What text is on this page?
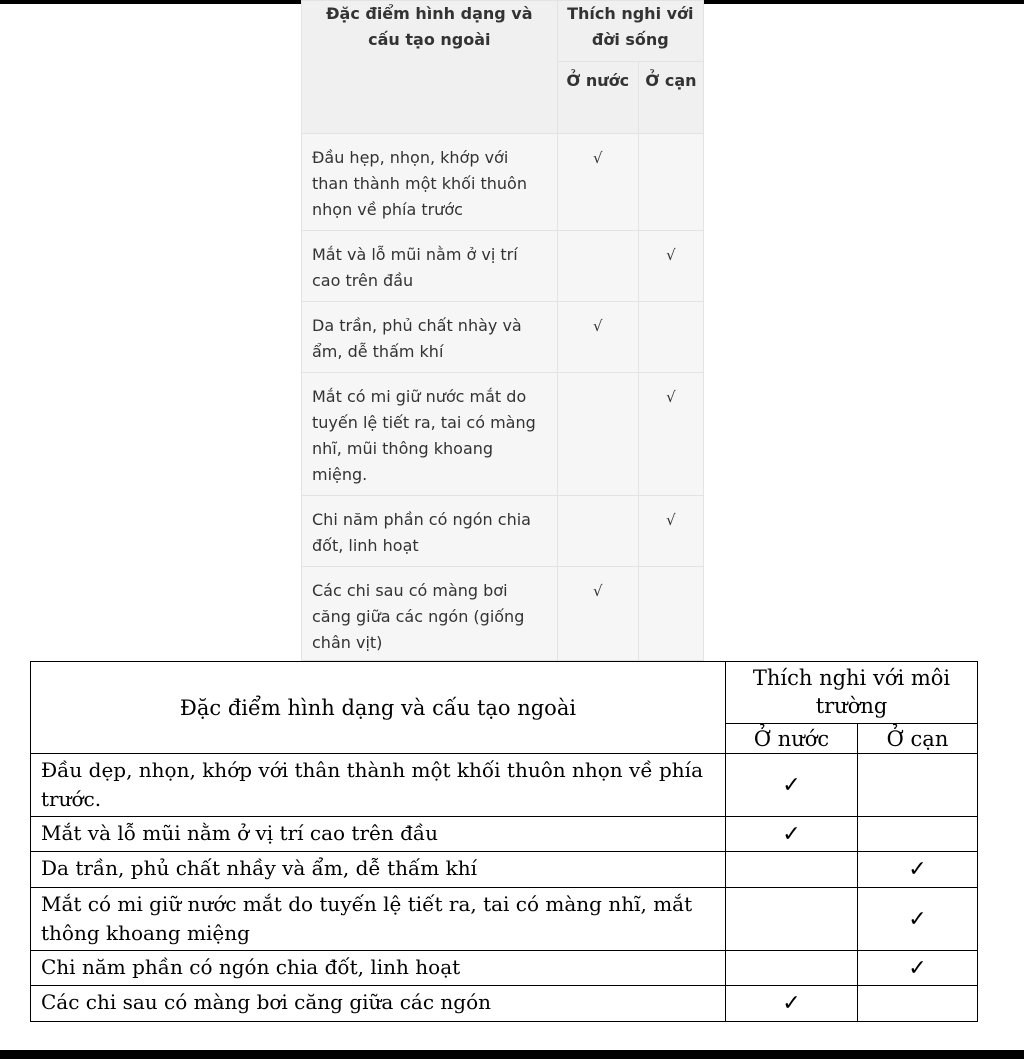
Đặc điểm hình dạng và cấu tạo ngoài	Thích nghi với đời sống	
	Ở nước	Ở cạn
Đầu hẹp, nhọn, khớp với than thành một khối thuôn nhọn về phía trước	√	
Mắt và lỗ mũi nằm ở vị trí cao trên đầu		√
Da trần, phủ chất nhày và ẩm, dễ thấm khí	√	
Mắt có mi giữ nước mắt do tuyến lệ tiết ra, tai có màng nhĩ, mũi thông khoang miệng.		√
Chi năm phần có ngón chia đốt, linh hoạt		√
Các chi sau có màng bơi căng giữa các ngón (giống chân vịt)	√	
Đặc điểm hình dạng và cấu tạo ngoài	Thích nghi với môi trường	
	Ở nước	Ở cạn
Đầu dẹp, nhọn, khớp với thân thành một khối thuôn nhọn về phía trước.	✓	
Mắt và lỗ mũi nằm ở vị trí cao trên đầu	✓	
Da trần, phủ chất nhầy và ẩm, dễ thấm khí		✓
Mắt có mi giữ nước mắt do tuyến lệ tiết ra, tai có màng nhĩ, mắt thông khoang miệng		✓
Chi năm phần có ngón chia đốt, linh hoạt		✓
Các chi sau có màng bơi căng giữa các ngón	✓	
